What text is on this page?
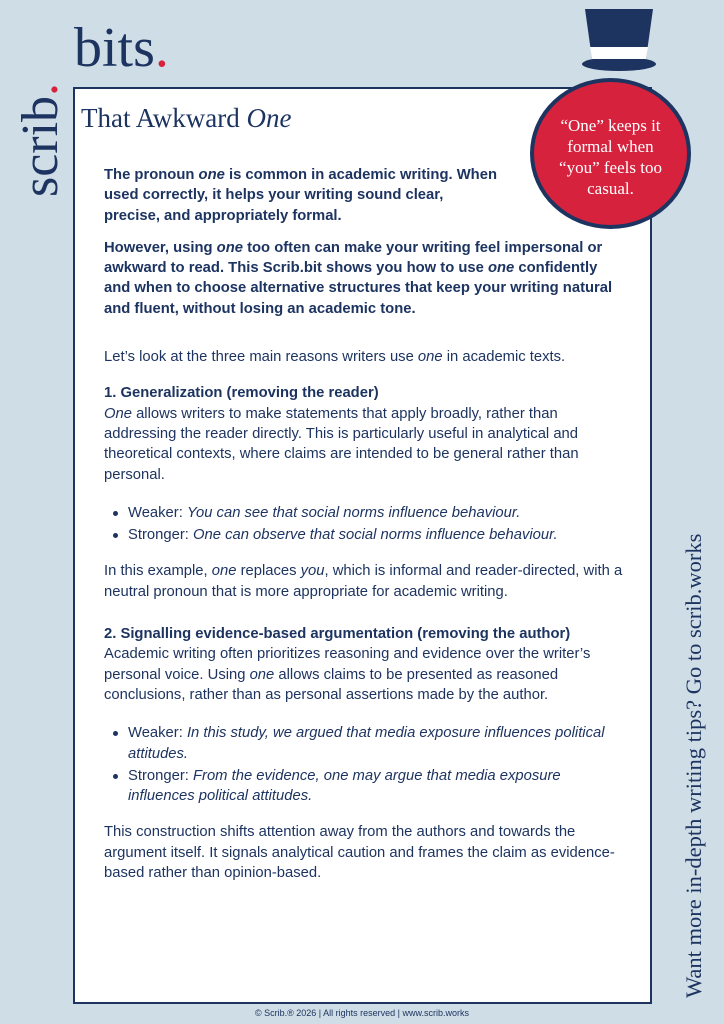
scrib.
bits.
That Awkward One

The pronoun one is common in academic writing. When used correctly, it helps your writing sound clear, precise, and appropriately formal.

However, using one too often can make your writing feel impersonal or awkward to read. This Scrib.bit shows you how to use one confidently and when to choose alternative structures that keep your writing natural and fluent, without losing an academic tone.

Let’s look at the three main reasons writers use one in academic texts.

1. Generalization (removing the reader)

One allows writers to make statements that apply broadly, rather than addressing the reader directly. This is particularly useful in analytical and theoretical contexts, where claims are intended to be general rather than personal.

Weaker: You can see that social norms influence behaviour.
Stronger: One can observe that social norms influence behaviour.

In this example, one replaces you, which is informal and reader-directed, with a neutral pronoun that is more appropriate for academic writing.

2. Signalling evidence-based argumentation (removing the author)

Academic writing often prioritizes reasoning and evidence over the writer’s personal voice. Using one allows claims to be presented as reasoned conclusions, rather than as personal assertions made by the author.

Weaker: In this study, we argued that media exposure influences political attitudes.
Stronger: From the evidence, one may argue that media exposure influences political attitudes.

This construction shifts attention away from the authors and towards the argument itself. It signals analytical caution and frames the claim as evidence-based rather than opinion-based.

“One” keeps it formal when “you” feels too casual.
Want more in-depth writing tips? Go to scrib.works
© Scrib.® 2026 | All rights reserved | www.scrib.works
